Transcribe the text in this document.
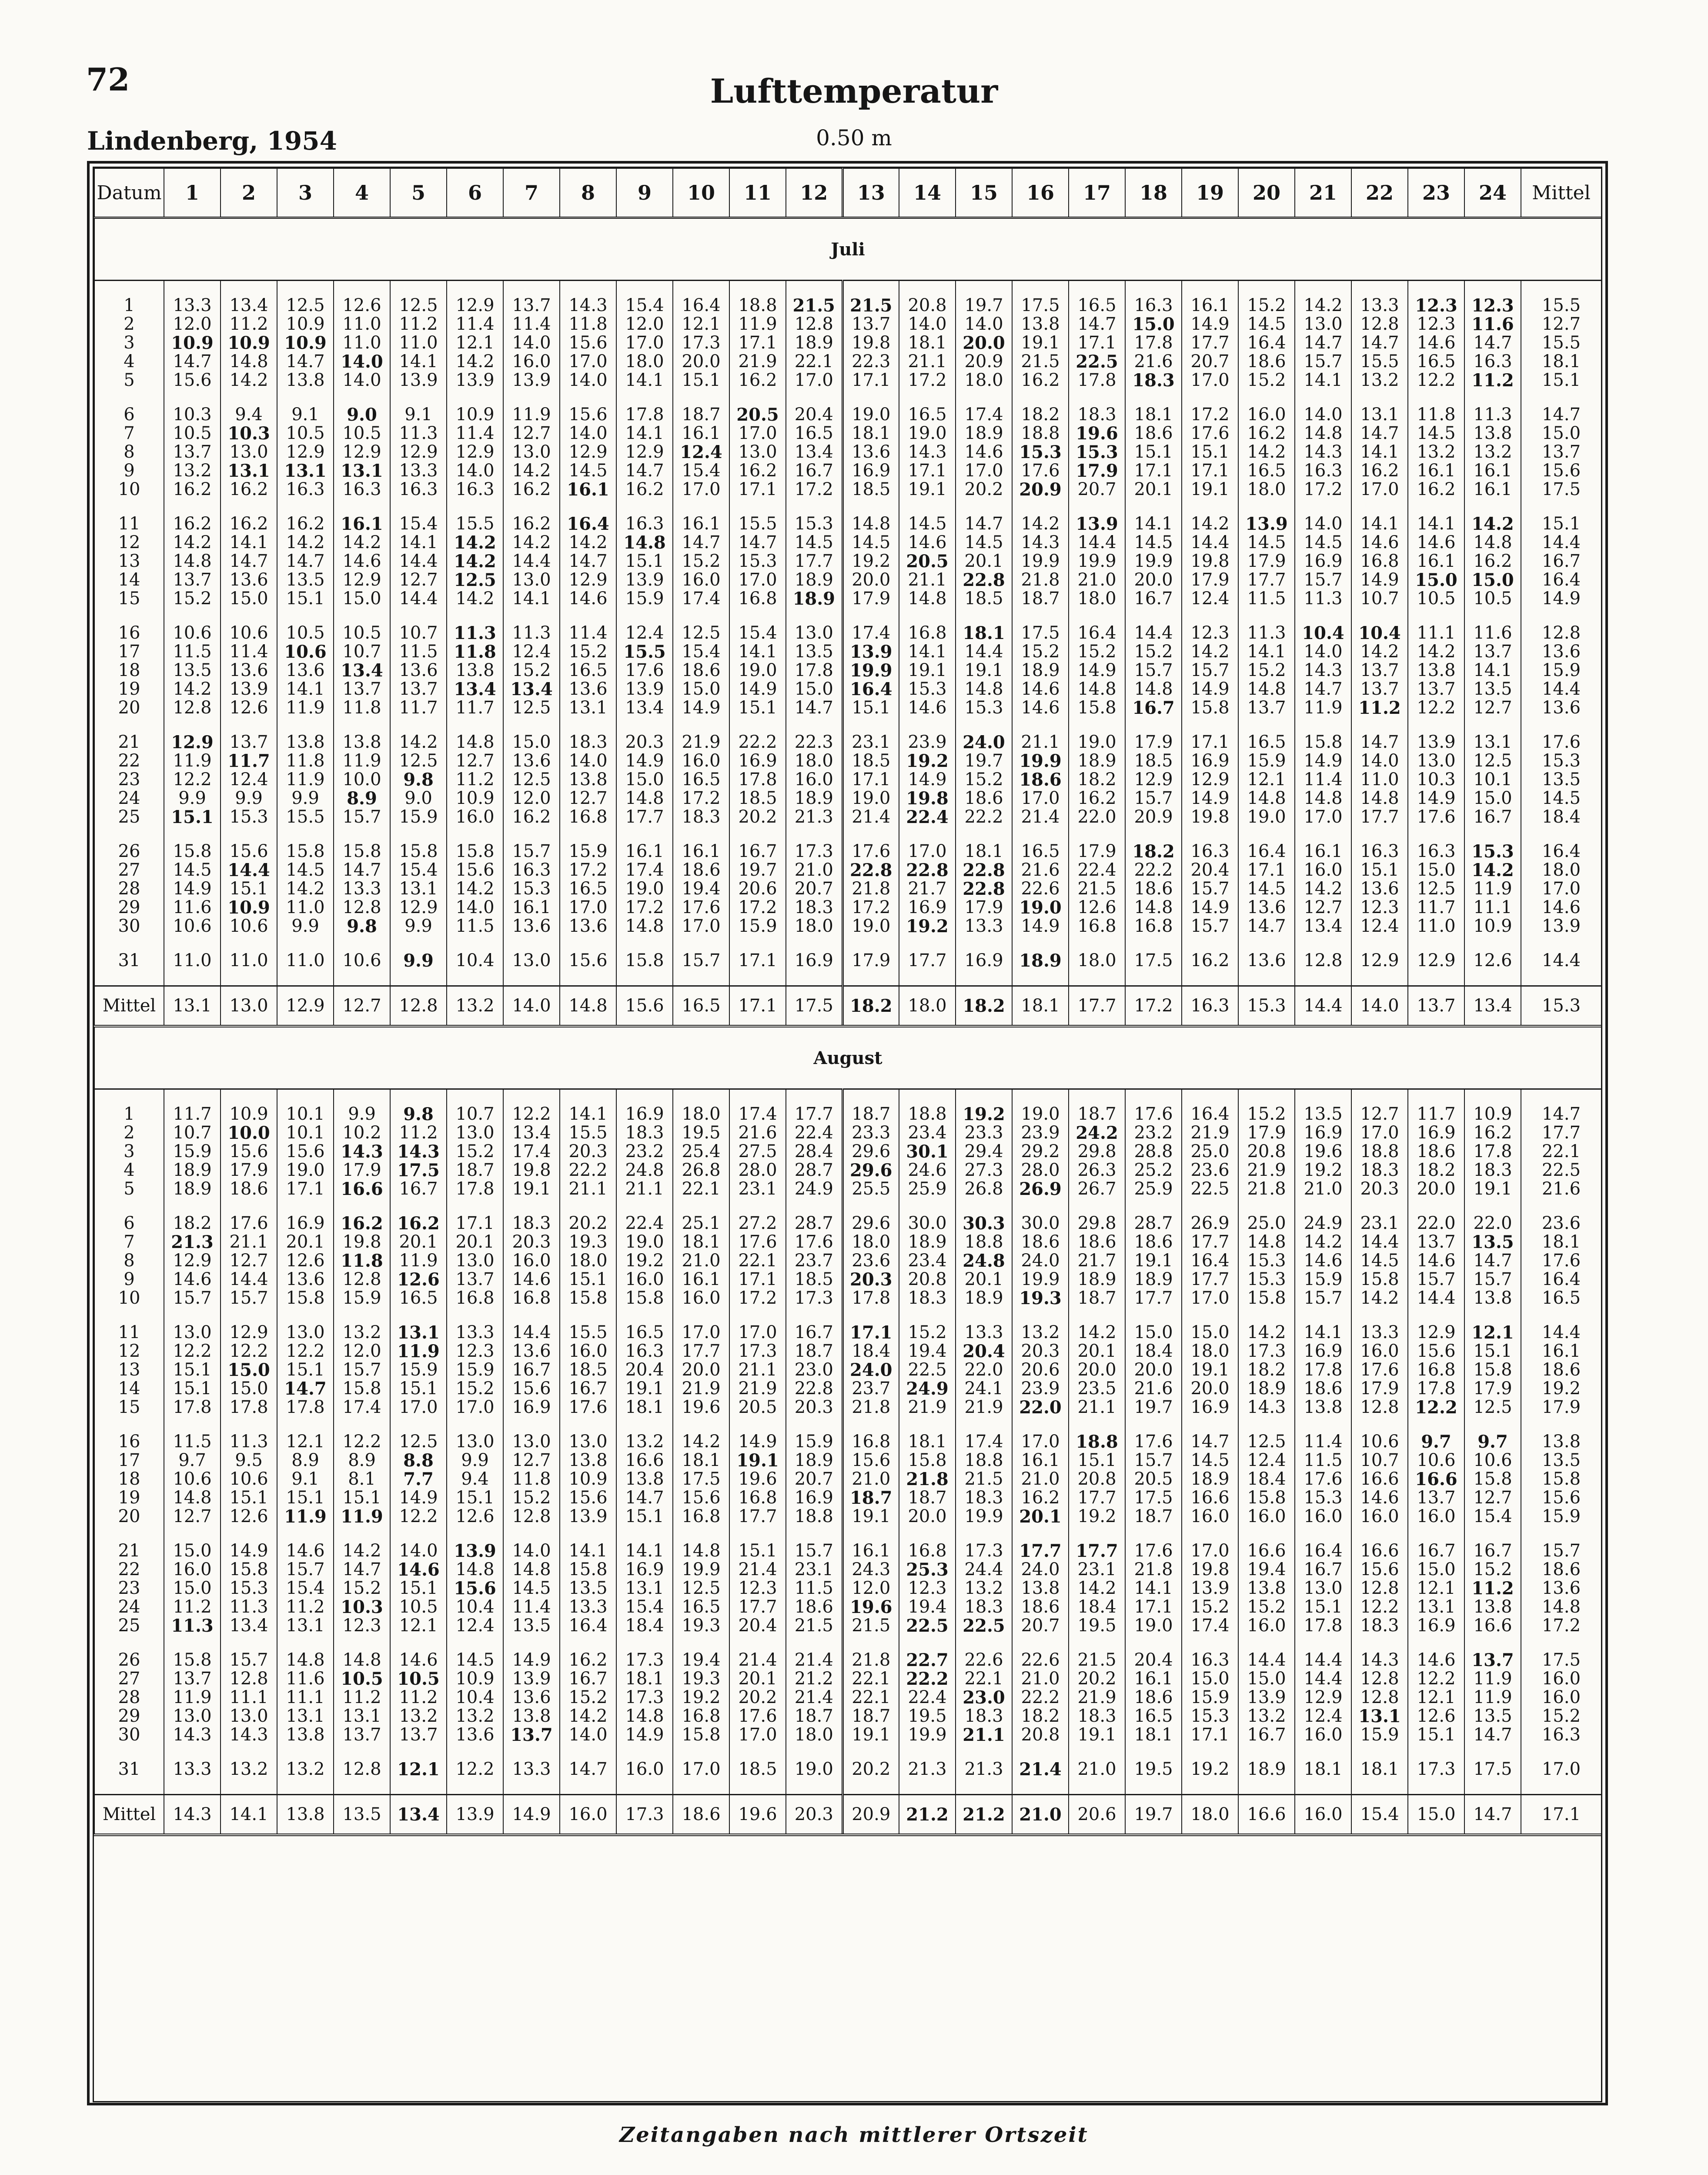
72	Lufttemperatur
Lindenberg, 1954	0.50 m
Datum	1	2	3	4	5	6	7	8	9	10	11	12	13	14	15	16	17	18	19	20	21	22	23	24	Mittel
Juli																									

1	13.3	13.4	12.5	12.6	12.5	12.9	13.7	14.3	15.4	16.4	18.8	21.5	21.5	20.8	19.7	17.5	16.5	16.3	16.1	15.2	14.2	13.3	12.3	12.3	15.5
2	12.0	11.2	10.9	11.0	11.2	11.4	11.4	11.8	12.0	12.1	11.9	12.8	13.7	14.0	14.0	13.8	14.7	15.0	14.9	14.5	13.0	12.8	12.3	11.6	12.7
3	10.9	10.9	10.9	11.0	11.0	12.1	14.0	15.6	17.0	17.3	17.1	18.9	19.8	18.1	20.0	19.1	17.1	17.8	17.7	16.4	14.7	14.7	14.6	14.7	15.5
4	14.7	14.8	14.7	14.0	14.1	14.2	16.0	17.0	18.0	20.0	21.9	22.1	22.3	21.1	20.9	21.5	22.5	21.6	20.7	18.6	15.7	15.5	16.5	16.3	18.1
5	15.6	14.2	13.8	14.0	13.9	13.9	13.9	14.0	14.1	15.1	16.2	17.0	17.1	17.2	18.0	16.2	17.8	18.3	17.0	15.2	14.1	13.2	12.2	11.2	15.1

6	10.3	9.4	9.1	9.0	9.1	10.9	11.9	15.6	17.8	18.7	20.5	20.4	19.0	16.5	17.4	18.2	18.3	18.1	17.2	16.0	14.0	13.1	11.8	11.3	14.7
7	10.5	10.3	10.5	10.5	11.3	11.4	12.7	14.0	14.1	16.1	17.0	16.5	18.1	19.0	18.9	18.8	19.6	18.6	17.6	16.2	14.8	14.7	14.5	13.8	15.0
8	13.7	13.0	12.9	12.9	12.9	12.9	13.0	12.9	12.9	12.4	13.0	13.4	13.6	14.3	14.6	15.3	15.3	15.1	15.1	14.2	14.3	14.1	13.2	13.2	13.7
9	13.2	13.1	13.1	13.1	13.3	14.0	14.2	14.5	14.7	15.4	16.2	16.7	16.9	17.1	17.0	17.6	17.9	17.1	17.1	16.5	16.3	16.2	16.1	16.1	15.6
10	16.2	16.2	16.3	16.3	16.3	16.3	16.2	16.1	16.2	17.0	17.1	17.2	18.5	19.1	20.2	20.9	20.7	20.1	19.1	18.0	17.2	17.0	16.2	16.1	17.5

11	16.2	16.2	16.2	16.1	15.4	15.5	16.2	16.4	16.3	16.1	15.5	15.3	14.8	14.5	14.7	14.2	13.9	14.1	14.2	13.9	14.0	14.1	14.1	14.2	15.1
12	14.2	14.1	14.2	14.2	14.1	14.2	14.2	14.2	14.8	14.7	14.7	14.5	14.5	14.6	14.5	14.3	14.4	14.5	14.4	14.5	14.5	14.6	14.6	14.8	14.4
13	14.8	14.7	14.7	14.6	14.4	14.2	14.4	14.7	15.1	15.2	15.3	17.7	19.2	20.5	20.1	19.9	19.9	19.9	19.8	17.9	16.9	16.8	16.1	16.2	16.7
14	13.7	13.6	13.5	12.9	12.7	12.5	13.0	12.9	13.9	16.0	17.0	18.9	20.0	21.1	22.8	21.8	21.0	20.0	17.9	17.7	15.7	14.9	15.0	15.0	16.4
15	15.2	15.0	15.1	15.0	14.4	14.2	14.1	14.6	15.9	17.4	16.8	18.9	17.9	14.8	18.5	18.7	18.0	16.7	12.4	11.5	11.3	10.7	10.5	10.5	14.9

16	10.6	10.6	10.5	10.5	10.7	11.3	11.3	11.4	12.4	12.5	15.4	13.0	17.4	16.8	18.1	17.5	16.4	14.4	12.3	11.3	10.4	10.4	11.1	11.6	12.8
17	11.5	11.4	10.6	10.7	11.5	11.8	12.4	15.2	15.5	15.4	14.1	13.5	13.9	14.1	14.4	15.2	15.2	15.2	14.2	14.1	14.0	14.2	14.2	13.7	13.6
18	13.5	13.6	13.6	13.4	13.6	13.8	15.2	16.5	17.6	18.6	19.0	17.8	19.9	19.1	19.1	18.9	14.9	15.7	15.7	15.2	14.3	13.7	13.8	14.1	15.9
19	14.2	13.9	14.1	13.7	13.7	13.4	13.4	13.6	13.9	15.0	14.9	15.0	16.4	15.3	14.8	14.6	14.8	14.8	14.9	14.8	14.7	13.7	13.7	13.5	14.4
20	12.8	12.6	11.9	11.8	11.7	11.7	12.5	13.1	13.4	14.9	15.1	14.7	15.1	14.6	15.3	14.6	15.8	16.7	15.8	13.7	11.9	11.2	12.2	12.7	13.6

21	12.9	13.7	13.8	13.8	14.2	14.8	15.0	18.3	20.3	21.9	22.2	22.3	23.1	23.9	24.0	21.1	19.0	17.9	17.1	16.5	15.8	14.7	13.9	13.1	17.6
22	11.9	11.7	11.8	11.9	12.5	12.7	13.6	14.0	14.9	16.0	16.9	18.0	18.5	19.2	19.7	19.9	18.9	18.5	16.9	15.9	14.9	14.0	13.0	12.5	15.3
23	12.2	12.4	11.9	10.0	9.8	11.2	12.5	13.8	15.0	16.5	17.8	16.0	17.1	14.9	15.2	18.6	18.2	12.9	12.9	12.1	11.4	11.0	10.3	10.1	13.5
24	9.9	9.9	9.9	8.9	9.0	10.9	12.0	12.7	14.8	17.2	18.5	18.9	19.0	19.8	18.6	17.0	16.2	15.7	14.9	14.8	14.8	14.8	14.9	15.0	14.5
25	15.1	15.3	15.5	15.7	15.9	16.0	16.2	16.8	17.7	18.3	20.2	21.3	21.4	22.4	22.2	21.4	22.0	20.9	19.8	19.0	17.0	17.7	17.6	16.7	18.4

26	15.8	15.6	15.8	15.8	15.8	15.8	15.7	15.9	16.1	16.1	16.7	17.3	17.6	17.0	18.1	16.5	17.9	18.2	16.3	16.4	16.1	16.3	16.3	15.3	16.4
27	14.5	14.4	14.5	14.7	15.4	15.6	16.3	17.2	17.4	18.6	19.7	21.0	22.8	22.8	22.8	21.6	22.4	22.2	20.4	17.1	16.0	15.1	15.0	14.2	18.0
28	14.9	15.1	14.2	13.3	13.1	14.2	15.3	16.5	19.0	19.4	20.6	20.7	21.8	21.7	22.8	22.6	21.5	18.6	15.7	14.5	14.2	13.6	12.5	11.9	17.0
29	11.6	10.9	11.0	12.8	12.9	14.0	16.1	17.0	17.2	17.6	17.2	18.3	17.2	16.9	17.9	19.0	12.6	14.8	14.9	13.6	12.7	12.3	11.7	11.1	14.6
30	10.6	10.6	9.9	9.8	9.9	11.5	13.6	13.6	14.8	17.0	15.9	18.0	19.0	19.2	13.3	14.9	16.8	16.8	15.7	14.7	13.4	12.4	11.0	10.9	13.9

31	11.0	11.0	11.0	10.6	9.9	10.4	13.0	15.6	15.8	15.7	17.1	16.9	17.9	17.7	16.9	18.9	18.0	17.5	16.2	13.6	12.8	12.9	12.9	12.6	14.4

Mittel	13.1	13.0	12.9	12.7	12.8	13.2	14.0	14.8	15.6	16.5	17.1	17.5	18.2	18.0	18.2	18.1	17.7	17.2	16.3	15.3	14.4	14.0	13.7	13.4	15.3
August																									

1	11.7	10.9	10.1	9.9	9.8	10.7	12.2	14.1	16.9	18.0	17.4	17.7	18.7	18.8	19.2	19.0	18.7	17.6	16.4	15.2	13.5	12.7	11.7	10.9	14.7
2	10.7	10.0	10.1	10.2	11.2	13.0	13.4	15.5	18.3	19.5	21.6	22.4	23.3	23.4	23.3	23.9	24.2	23.2	21.9	17.9	16.9	17.0	16.9	16.2	17.7
3	15.9	15.6	15.6	14.3	14.3	15.2	17.4	20.3	23.2	25.4	27.5	28.4	29.6	30.1	29.4	29.2	29.8	28.8	25.0	20.8	19.6	18.8	18.6	17.8	22.1
4	18.9	17.9	19.0	17.9	17.5	18.7	19.8	22.2	24.8	26.8	28.0	28.7	29.6	24.6	27.3	28.0	26.3	25.2	23.6	21.9	19.2	18.3	18.2	18.3	22.5
5	18.9	18.6	17.1	16.6	16.7	17.8	19.1	21.1	21.1	22.1	23.1	24.9	25.5	25.9	26.8	26.9	26.7	25.9	22.5	21.8	21.0	20.3	20.0	19.1	21.6

6	18.2	17.6	16.9	16.2	16.2	17.1	18.3	20.2	22.4	25.1	27.2	28.7	29.6	30.0	30.3	30.0	29.8	28.7	26.9	25.0	24.9	23.1	22.0	22.0	23.6
7	21.3	21.1	20.1	19.8	20.1	20.1	20.3	19.3	19.0	18.1	17.6	17.6	18.0	18.9	18.8	18.6	18.6	18.6	17.7	14.8	14.2	14.4	13.7	13.5	18.1
8	12.9	12.7	12.6	11.8	11.9	13.0	16.0	18.0	19.2	21.0	22.1	23.7	23.6	23.4	24.8	24.0	21.7	19.1	16.4	15.3	14.6	14.5	14.6	14.7	17.6
9	14.6	14.4	13.6	12.8	12.6	13.7	14.6	15.1	16.0	16.1	17.1	18.5	20.3	20.8	20.1	19.9	18.9	18.9	17.7	15.3	15.9	15.8	15.7	15.7	16.4
10	15.7	15.7	15.8	15.9	16.5	16.8	16.8	15.8	15.8	16.0	17.2	17.3	17.8	18.3	18.9	19.3	18.7	17.7	17.0	15.8	15.7	14.2	14.4	13.8	16.5

11	13.0	12.9	13.0	13.2	13.1	13.3	14.4	15.5	16.5	17.0	17.0	16.7	17.1	15.2	13.3	13.2	14.2	15.0	15.0	14.2	14.1	13.3	12.9	12.1	14.4
12	12.2	12.2	12.2	12.0	11.9	12.3	13.6	16.0	16.3	17.7	17.3	18.7	18.4	19.4	20.4	20.3	20.1	18.4	18.0	17.3	16.9	16.0	15.6	15.1	16.1
13	15.1	15.0	15.1	15.7	15.9	15.9	16.7	18.5	20.4	20.0	21.1	23.0	24.0	22.5	22.0	20.6	20.0	20.0	19.1	18.2	17.8	17.6	16.8	15.8	18.6
14	15.1	15.0	14.7	15.8	15.1	15.2	15.6	16.7	19.1	21.9	21.9	22.8	23.7	24.9	24.1	23.9	23.5	21.6	20.0	18.9	18.6	17.9	17.8	17.9	19.2
15	17.8	17.8	17.8	17.4	17.0	17.0	16.9	17.6	18.1	19.6	20.5	20.3	21.8	21.9	21.9	22.0	21.1	19.7	16.9	14.3	13.8	12.8	12.2	12.5	17.9

16	11.5	11.3	12.1	12.2	12.5	13.0	13.0	13.0	13.2	14.2	14.9	15.9	16.8	18.1	17.4	17.0	18.8	17.6	14.7	12.5	11.4	10.6	9.7	9.7	13.8
17	9.7	9.5	8.9	8.9	8.8	9.9	12.7	13.8	16.6	18.1	19.1	18.9	15.6	15.8	18.8	16.1	15.1	15.7	14.5	12.4	11.5	10.7	10.6	10.6	13.5
18	10.6	10.6	9.1	8.1	7.7	9.4	11.8	10.9	13.8	17.5	19.6	20.7	21.0	21.8	21.5	21.0	20.8	20.5	18.9	18.4	17.6	16.6	16.6	15.8	15.8
19	14.8	15.1	15.1	15.1	14.9	15.1	15.2	15.6	14.7	15.6	16.8	16.9	18.7	18.7	18.3	16.2	17.7	17.5	16.6	15.8	15.3	14.6	13.7	12.7	15.6
20	12.7	12.6	11.9	11.9	12.2	12.6	12.8	13.9	15.1	16.8	17.7	18.8	19.1	20.0	19.9	20.1	19.2	18.7	16.0	16.0	16.0	16.0	16.0	15.4	15.9

21	15.0	14.9	14.6	14.2	14.0	13.9	14.0	14.1	14.1	14.8	15.1	15.7	16.1	16.8	17.3	17.7	17.7	17.6	17.0	16.6	16.4	16.6	16.7	16.7	15.7
22	16.0	15.8	15.7	14.7	14.6	14.8	14.8	15.8	16.9	19.9	21.4	23.1	24.3	25.3	24.4	24.0	23.1	21.8	19.8	19.4	16.7	15.6	15.0	15.2	18.6
23	15.0	15.3	15.4	15.2	15.1	15.6	14.5	13.5	13.1	12.5	12.3	11.5	12.0	12.3	13.2	13.8	14.2	14.1	13.9	13.8	13.0	12.8	12.1	11.2	13.6
24	11.2	11.3	11.2	10.3	10.5	10.4	11.4	13.3	15.4	16.5	17.7	18.6	19.6	19.4	18.3	18.6	18.4	17.1	15.2	15.2	15.1	12.2	13.1	13.8	14.8
25	11.3	13.4	13.1	12.3	12.1	12.4	13.5	16.4	18.4	19.3	20.4	21.5	21.5	22.5	22.5	20.7	19.5	19.0	17.4	16.0	17.8	18.3	16.9	16.6	17.2

26	15.8	15.7	14.8	14.8	14.6	14.5	14.9	16.2	17.3	19.4	21.4	21.4	21.8	22.7	22.6	22.6	21.5	20.4	16.3	14.4	14.4	14.3	14.6	13.7	17.5
27	13.7	12.8	11.6	10.5	10.5	10.9	13.9	16.7	18.1	19.3	20.1	21.2	22.1	22.2	22.1	21.0	20.2	16.1	15.0	15.0	14.4	12.8	12.2	11.9	16.0
28	11.9	11.1	11.1	11.2	11.2	10.4	13.6	15.2	17.3	19.2	20.2	21.4	22.1	22.4	23.0	22.2	21.9	18.6	15.9	13.9	12.9	12.8	12.1	11.9	16.0
29	13.0	13.0	13.1	13.1	13.2	13.2	13.8	14.2	14.8	16.8	17.6	18.7	18.7	19.5	18.3	18.2	18.3	16.5	15.3	13.2	12.4	13.1	12.6	13.5	15.2
30	14.3	14.3	13.8	13.7	13.7	13.6	13.7	14.0	14.9	15.8	17.0	18.0	19.1	19.9	21.1	20.8	19.1	18.1	17.1	16.7	16.0	15.9	15.1	14.7	16.3

31	13.3	13.2	13.2	12.8	12.1	12.2	13.3	14.7	16.0	17.0	18.5	19.0	20.2	21.3	21.3	21.4	21.0	19.5	19.2	18.9	18.1	18.1	17.3	17.5	17.0

Mittel	14.3	14.1	13.8	13.5	13.4	13.9	14.9	16.0	17.3	18.6	19.6	20.3	20.9	21.2	21.2	21.0	20.6	19.7	18.0	16.6	16.0	15.4	15.0	14.7	17.1
Zeitangaben nach mittlerer Ortszeit
